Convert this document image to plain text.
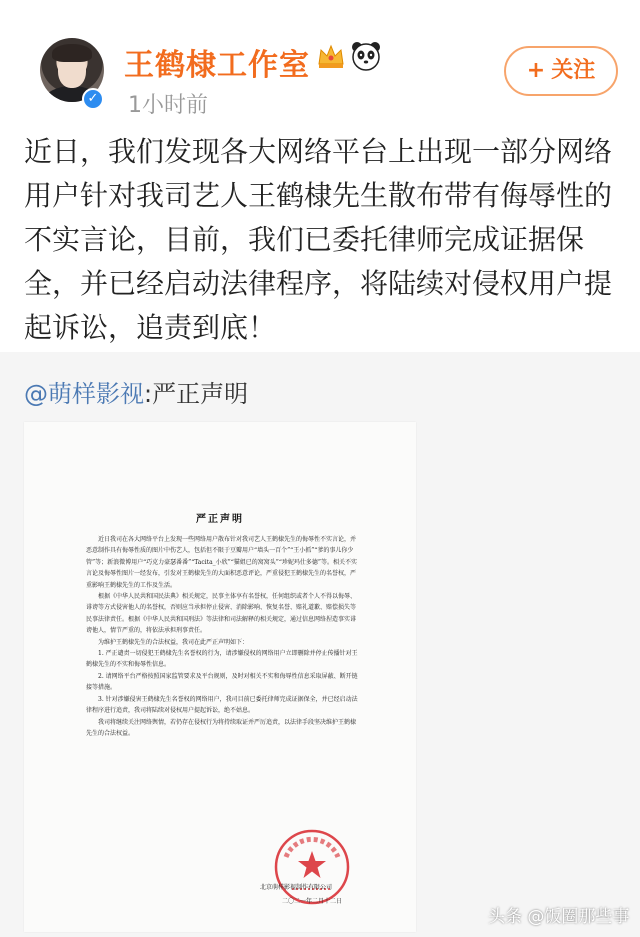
✓
王鹤棣工作室
1小时前
+ 关注
近日，我们发现各大网络平台上出现一部分网络用户针对我司艺人王鹤棣先生散布带有侮辱性的不实言论，目前，我们已委托律师完成证据保全，并已经启动法律程序，将陆续对侵权用户提起诉讼，追责到底！
@萌样影视:严正声明
严正声明

近日我司在各大网络平台上发现一些网络用户散布针对我司艺人王鹤棣先生的侮辱性不实言论，并恶意制作具有侮辱性质的图片中伤艺人，包括但不限于豆瓣用户“墙头一百个”“王小抓”“爹的事儿你少管”等；新浪微博用户“巧克力豪瑟番番”“Tacita_小欣”“猫姐已的窝窝头”“珍妮玛仕多德”等。相关不实言论及侮辱性图片一经发布，引发对王鹤棣先生的大面积恶意评论，严重侵犯王鹤棣先生的名誉权，严重影响王鹤棣先生的工作及生活。

根据《中华人民共和国民法典》相关规定，民事主体享有名誉权，任何组织或者个人不得以侮辱、诽谤等方式侵害他人的名誉权，否则应当承担停止侵害、消除影响、恢复名誉、赔礼道歉、赔偿损失等民事法律责任。根据《中华人民共和国刑法》等法律和司法解释的相关规定，通过信息网络捏造事实诽谤他人，情节严重的，将依法承担刑事责任。

为维护王鹤棣先生的合法权益，我司在此严正声明如下：

1. 严正谴责一切侵犯王鹤棣先生名誉权的行为，请涉嫌侵权的网络用户立即删除并停止传播针对王鹤棣先生的不实和侮辱性信息。

2. 请网络平台严格按照国家监管要求及平台规则，及时对相关不实和侮辱性信息采取屏蔽、断开链接等措施。

3. 针对涉嫌侵害王鹤棣先生名誉权的网络用户，我司目前已委托律师完成证据保全，并已经启动法律程序进行追责，我司将陆续对侵权用户提起诉讼，绝不姑息。

我司将继续关注网络舆情，若仍存在侵权行为将持续取证并严厉追责，以法律手段坚决维护王鹤棣先生的合法权益。

北京萌样影视制作有限公司
二〇二一年二月十二日
头条 @饭圈那些事
